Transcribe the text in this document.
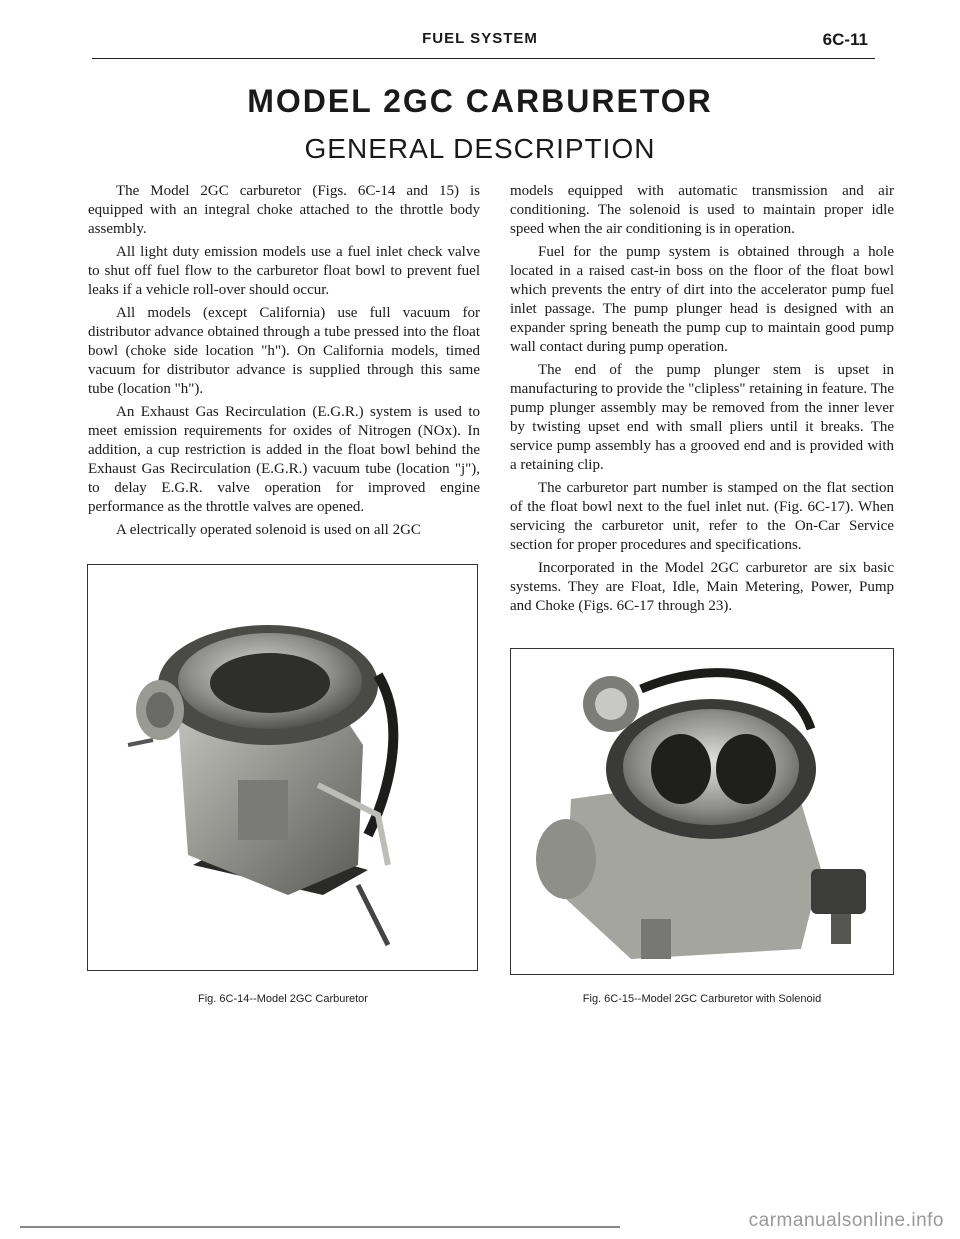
FUEL SYSTEM	6C-11
MODEL 2GC CARBURETOR
GENERAL DESCRIPTION

The Model 2GC carburetor (Figs. 6C-14 and 15) is equipped with an integral choke attached to the throttle body assembly.

All light duty emission models use a fuel inlet check valve to shut off fuel flow to the carburetor float bowl to prevent fuel leaks if a vehicle roll-over should occur.

All models (except California) use full vacuum for distributor advance obtained through a tube pressed into the float bowl (choke side location "h"). On California models, timed vacuum for distributor advance is supplied through this same tube (location "h").

An Exhaust Gas Recirculation (E.G.R.) system is used to meet emission requirements for oxides of Nitrogen (NOx). In addition, a cup restriction is added in the float bowl behind the Exhaust Gas Recirculation (E.G.R.) vacuum tube (location "j"), to delay E.G.R. valve operation for improved engine performance as the throttle valves are opened.

A electrically operated solenoid is used on all 2GC

models equipped with automatic transmission and air conditioning. The solenoid is used to maintain proper idle speed when the air conditioning is in operation.

Fuel for the pump system is obtained through a hole located in a raised cast-in boss on the floor of the float bowl which prevents the entry of dirt into the accelerator pump fuel inlet passage. The pump plunger head is designed with an expander spring beneath the pump cup to maintain good pump wall contact during pump operation.

The end of the pump plunger stem is upset in manufacturing to provide the "clipless" retaining in feature. The pump plunger assembly may be removed from the inner lever by twisting upset end with small pliers until it breaks. The service pump assembly has a grooved end and is provided with a retaining clip.

The carburetor part number is stamped on the flat section of the float bowl next to the fuel inlet nut. (Fig. 6C-17). When servicing the carburetor unit, refer to the On-Car Service section for proper procedures and specifications.

Incorporated in the Model 2GC carburetor are six basic systems. They are Float, Idle, Main Metering, Power, Pump and Choke (Figs. 6C-17 through 23).

Fig. 6C-14--Model 2GC Carburetor	Fig. 6C-15--Model 2GC Carburetor with Solenoid
carmanualsonline.info
